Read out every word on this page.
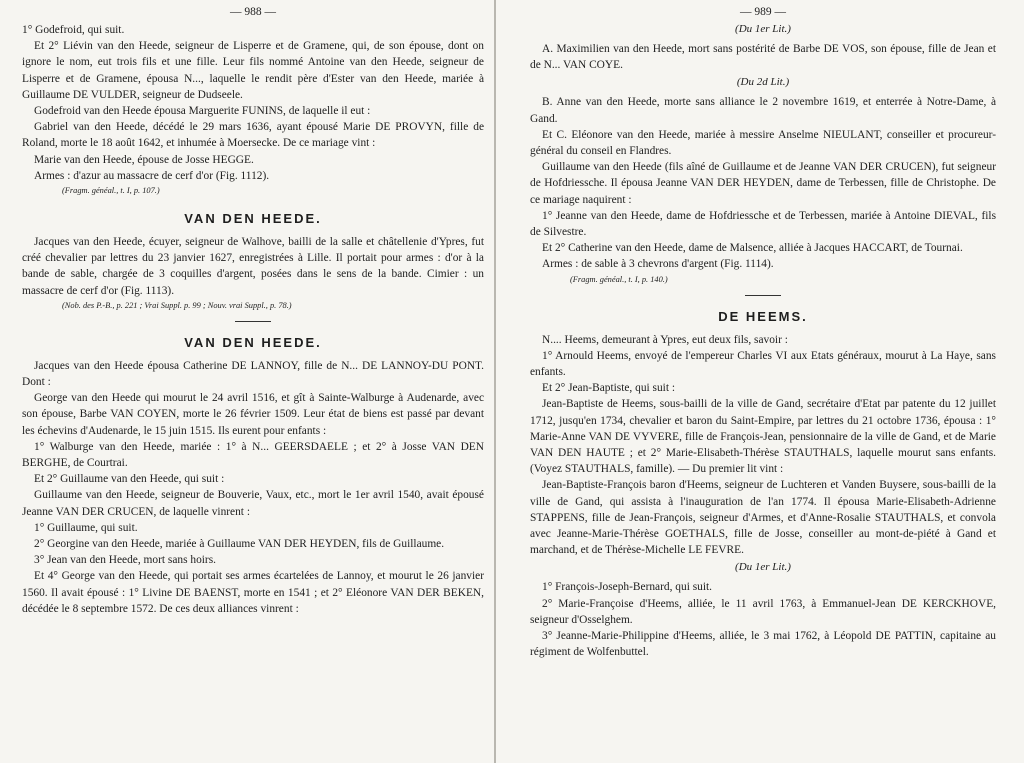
— 988 —

1° Godefroid, qui suit.

Et 2° Liévin van den Heede, seigneur de Lisperre et de Gramene, qui, de son épouse, dont on ignore le nom, eut trois fils et une fille. Leur fils nommé Antoine van den Heede, seigneur de Lisperre et de Gramene, épousa N..., laquelle le rendit père d'Ester van den Heede, mariée à Guillaume DE VULDER, seigneur de Dudseele.

Godefroid van den Heede épousa Marguerite FUNINS, de laquelle il eut :

Gabriel van den Heede, décédé le 29 mars 1636, ayant épousé Marie DE PROVYN, fille de Roland, morte le 18 août 1642, et inhumée à Moersecke. De ce mariage vint :

Marie van den Heede, épouse de Josse HEGGE.

Armes : d'azur au massacre de cerf d'or (Fig. 1112).

(Fragm. généal., t. I, p. 107.)

VAN DEN HEEDE.

Jacques van den Heede, écuyer, seigneur de Walhove, bailli de la salle et châtellenie d'Ypres, fut créé chevalier par lettres du 23 janvier 1627, enregistrées à Lille. Il portait pour armes : d'or à la bande de sable, chargée de 3 coquilles d'argent, posées dans le sens de la bande. Cimier : un massacre de cerf d'or (Fig. 1113).

(Nob. des P.-B., p. 221 ; Vrai Suppl. p. 99 ; Nouv. vrai Suppl., p. 78.)

VAN DEN HEEDE.

Jacques van den Heede épousa Catherine DE LANNOY, fille de N... DE LANNOY-DU PONT. Dont :

George van den Heede qui mourut le 24 avril 1516, et gît à Sainte-Walburge à Audenarde, avec son épouse, Barbe VAN COYEN, morte le 26 février 1509. Leur état de biens est passé par devant les échevins d'Audenarde, le 15 juin 1515. Ils eurent pour enfants :

1° Walburge van den Heede, mariée : 1° à N... GEERSDAELE ; et 2° à Josse VAN DEN BERGHE, de Courtrai.

Et 2° Guillaume van den Heede, qui suit :

Guillaume van den Heede, seigneur de Bouverie, Vaux, etc., mort le 1er avril 1540, avait épousé Jeanne VAN DER CRUCEN, de laquelle vinrent :

1° Guillaume, qui suit.

2° Georgine van den Heede, mariée à Guillaume VAN DER HEYDEN, fils de Guillaume.

3° Jean van den Heede, mort sans hoirs.

Et 4° George van den Heede, qui portait ses armes écartelées de Lannoy, et mourut le 26 janvier 1560. Il avait épousé : 1° Livine DE BAENST, morte en 1541 ; et 2° Eléonore VAN DER BEKEN, décédée le 8 septembre 1572. De ces deux alliances vinrent :

— 989 —
(Du 1er Lit.)

A. Maximilien van den Heede, mort sans postérité de Barbe DE VOS, son épouse, fille de Jean et de N... VAN COYE.

(Du 2d Lit.)

B. Anne van den Heede, morte sans alliance le 2 novembre 1619, et enterrée à Notre-Dame, à Gand.

Et C. Eléonore van den Heede, mariée à messire Anselme NIEULANT, conseiller et procureur-général du conseil en Flandres.

Guillaume van den Heede (fils aîné de Guillaume et de Jeanne VAN DER CRUCEN), fut seigneur de Hofdriessche. Il épousa Jeanne VAN DER HEYDEN, dame de Terbessen, fille de Christophe. De ce mariage naquirent :

1° Jeanne van den Heede, dame de Hofdriessche et de Terbessen, mariée à Antoine DIEVAL, fils de Silvestre.

Et 2° Catherine van den Heede, dame de Malsence, alliée à Jacques HACCART, de Tournai.

Armes : de sable à 3 chevrons d'argent (Fig. 1114).

(Fragm. généal., t. I, p. 140.)

DE HEEMS.

N.... Heems, demeurant à Ypres, eut deux fils, savoir :

1° Arnould Heems, envoyé de l'empereur Charles VI aux Etats généraux, mourut à La Haye, sans enfants.

Et 2° Jean-Baptiste, qui suit :

Jean-Baptiste de Heems, sous-bailli de la ville de Gand, secrétaire d'Etat par patente du 12 juillet 1712, jusqu'en 1734, chevalier et baron du Saint-Empire, par lettres du 21 octobre 1736, épousa : 1° Marie-Anne VAN DE VYVERE, fille de François-Jean, pensionnaire de la ville de Gand, et de Marie VAN DEN HAUTE ; et 2° Marie-Elisabeth-Thérèse STAUTHALS, laquelle mourut sans enfants. (Voyez STAUTHALS, famille). — Du premier lit vint :

Jean-Baptiste-François baron d'Heems, seigneur de Luchteren et Vanden Buysere, sous-bailli de la ville de Gand, qui assista à l'inauguration de l'an 1774. Il épousa Marie-Elisabeth-Adrienne STAPPENS, fille de Jean-François, seigneur d'Armes, et d'Anne-Rosalie STAUTHALS, et convola avec Jeanne-Marie-Thérèse GOETHALS, fille de Josse, conseiller au mont-de-piété à Gand et marchand, et de Thérèse-Michelle LE FEVRE.

(Du 1er Lit.)

1° François-Joseph-Bernard, qui suit.

2° Marie-Françoise d'Heems, alliée, le 11 avril 1763, à Emmanuel-Jean DE KERCKHOVE, seigneur d'Osselghem.

3° Jeanne-Marie-Philippine d'Heems, alliée, le 3 mai 1762, à Léopold DE PATTIN, capitaine au régiment de Wolfenbuttel.
